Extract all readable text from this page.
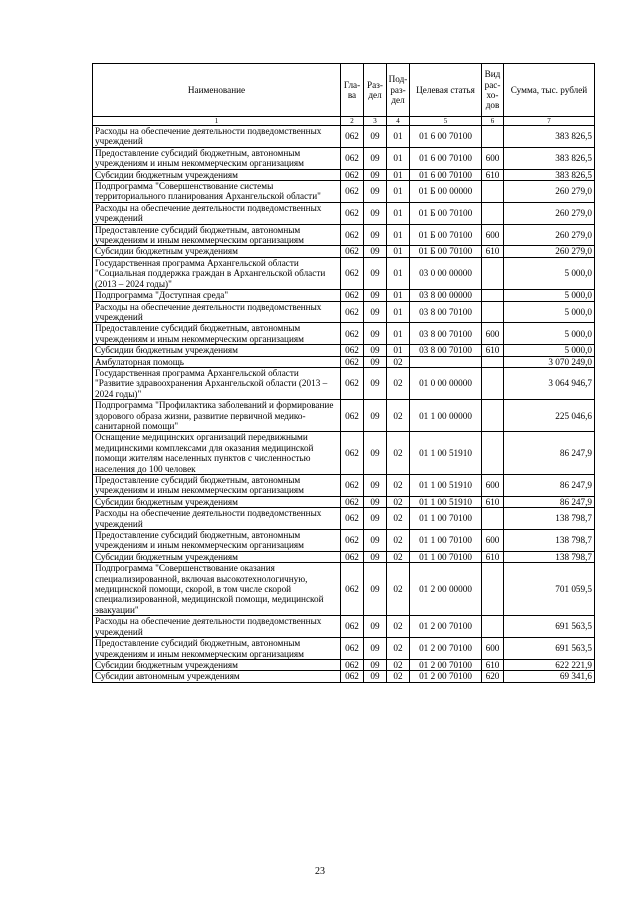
Наименование	Гла-ва	Раз-дел	Под-раз-дел	Целевая статья	Вид рас-хо-дов	Сумма, тыс. рублей
1	2	3	4	5	6	7
Расходы на обеспечение деятельности подведомственных учреждений	062	09	01	01 6 00 70100		383 826,5
Предоставление субсидий бюджетным, автономным учреждениям и иным некоммерческим организациям	062	09	01	01 6 00 70100	600	383 826,5
Субсидии бюджетным учреждениям	062	09	01	01 6 00 70100	610	383 826,5
Подпрограмма "Совершенствование системы территориального планирования Архангельской области"	062	09	01	01 Б 00 00000		260 279,0
Расходы на обеспечение деятельности подведомственных учреждений	062	09	01	01 Б 00 70100		260 279,0
Предоставление субсидий бюджетным, автономным учреждениям и иным некоммерческим организациям	062	09	01	01 Б 00 70100	600	260 279,0
Субсидии бюджетным учреждениям	062	09	01	01 Б 00 70100	610	260 279,0
Государственная программа Архангельской области "Социальная поддержка граждан в Архангельской области (2013 – 2024 годы)"	062	09	01	03 0 00 00000		5 000,0
Подпрограмма "Доступная среда"	062	09	01	03 8 00 00000		5 000,0
Расходы на обеспечение деятельности подведомственных учреждений	062	09	01	03 8 00 70100		5 000,0
Предоставление субсидий бюджетным, автономным учреждениям и иным некоммерческим организациям	062	09	01	03 8 00 70100	600	5 000,0
Субсидии бюджетным учреждениям	062	09	01	03 8 00 70100	610	5 000,0
Амбулаторная помощь	062	09	02			3 070 249,0
Государственная программа Архангельской области "Развитие здравоохранения Архангельской области (2013 – 2024 годы)"	062	09	02	01 0 00 00000		3 064 946,7
Подпрограмма "Профилактика заболеваний и формирование здорового образа жизни, развитие первичной медико-санитарной помощи"	062	09	02	01 1 00 00000		225 046,6
Оснащение медицинских организаций передвижными медицинскими комплексами для оказания медицинской помощи жителям населенных пунктов с численностью населения до 100 человек	062	09	02	01 1 00 51910		86 247,9
Предоставление субсидий бюджетным, автономным учреждениям и иным некоммерческим организациям	062	09	02	01 1 00 51910	600	86 247,9
Субсидии бюджетным учреждениям	062	09	02	01 1 00 51910	610	86 247,9
Расходы на обеспечение деятельности подведомственных учреждений	062	09	02	01 1 00 70100		138 798,7
Предоставление субсидий бюджетным, автономным учреждениям и иным некоммерческим организациям	062	09	02	01 1 00 70100	600	138 798,7
Субсидии бюджетным учреждениям	062	09	02	01 1 00 70100	610	138 798,7
Подпрограмма "Совершенствование оказания специализированной, включая высокотехнологичную, медицинской помощи, скорой, в том числе скорой специализированной, медицинской помощи, медицинской эвакуации"	062	09	02	01 2 00 00000		701 059,5
Расходы на обеспечение деятельности подведомственных учреждений	062	09	02	01 2 00 70100		691 563,5
Предоставление субсидий бюджетным, автономным учреждениям и иным некоммерческим организациям	062	09	02	01 2 00 70100	600	691 563,5
Субсидии бюджетным учреждениям	062	09	02	01 2 00 70100	610	622 221,9
Субсидии автономным учреждениям	062	09	02	01 2 00 70100	620	69 341,6
23
